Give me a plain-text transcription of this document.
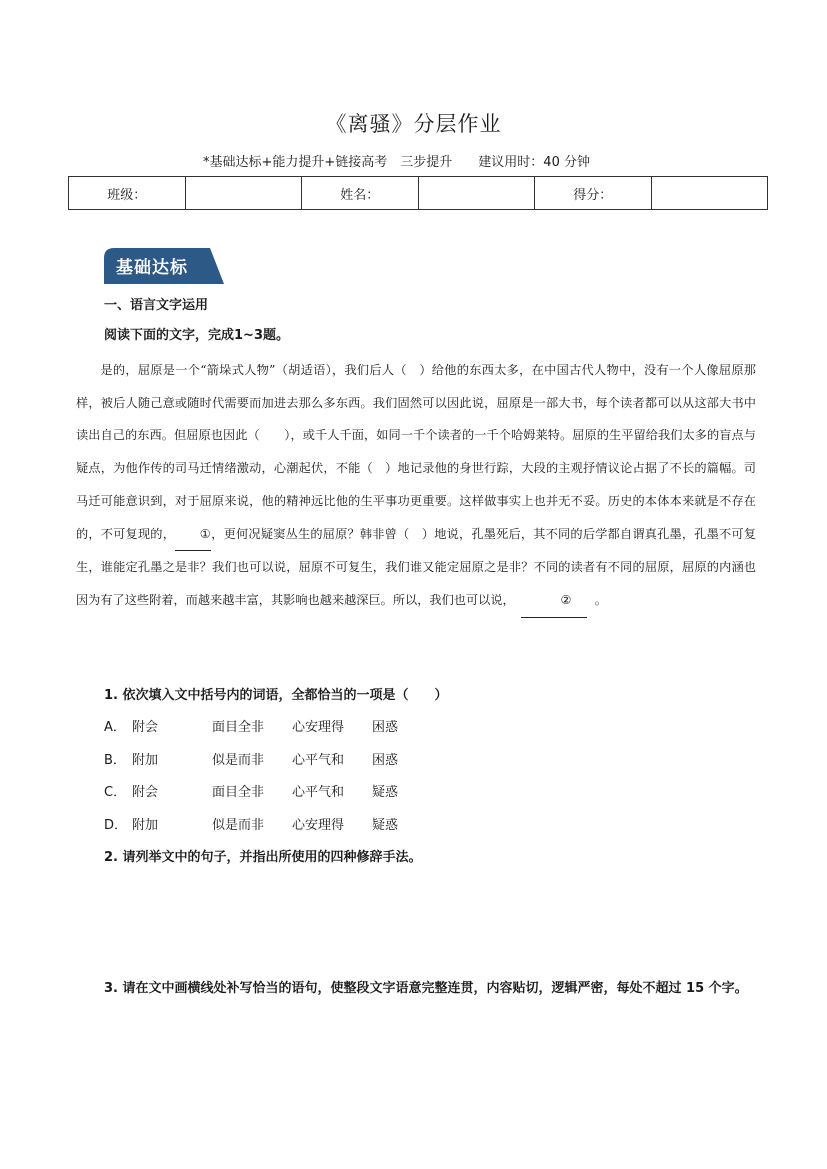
《离骚》分层作业
*基础达标+能力提升+链接高考　三步提升 建议用时：40 分钟
班级：		姓名：		得分：	
基础达标
一、语言文字运用
阅读下面的文字，完成1~3题。

是的，屈原是一个“箭垛式人物”（胡适语），我们后人（　）给他的东西太多，在中国古代人物中，没有一个人像屈原那样，被后人随己意或随时代需要而加进去那么多东西。我们固然可以因此说，屈原是一部大书，每个读者都可以从这部大书中读出自己的东西。但屈原也因此（　　），或千人千面，如同一千个读者的一千个哈姆莱特。屈原的生平留给我们太多的盲点与疑点，为他作传的司马迁情绪激动，心潮起伏，不能（　）地记录他的身世行踪，大段的主观抒情议论占据了不长的篇幅。司马迁可能意识到，对于屈原来说，他的精神远比他的生平事功更重要。这样做事实上也并无不妥。历史的本体本来就是不存在的，不可复现的， ①，更何况疑窦丛生的屈原？韩非曾（　）地说，孔墨死后，其不同的后学都自谓真孔墨，孔墨不可复生，谁能定孔墨之是非？我们也可以说，屈原不可复生，我们谁又能定屈原之是非？不同的读者有不同的屈原，屈原的内涵也因为有了这些附着，而越来越丰富，其影响也越来越深巨。所以，我们也可以说，	② 。

1. 依次填入文中括号内的词语，全都恰当的一项是（　　）
A． 附会	面目全非 心安理得 困惑
B． 附加	似是而非 心平气和 困惑
C． 附会	面目全非 心平气和 疑惑
D． 附加	似是而非 心安理得 疑惑
2. 请列举文中的句子，并指出所使用的四种修辞手法。
3. 请在文中画横线处补写恰当的语句，使整段文字语意完整连贯，内容贴切，逻辑严密，每处不超过 15 个字。
